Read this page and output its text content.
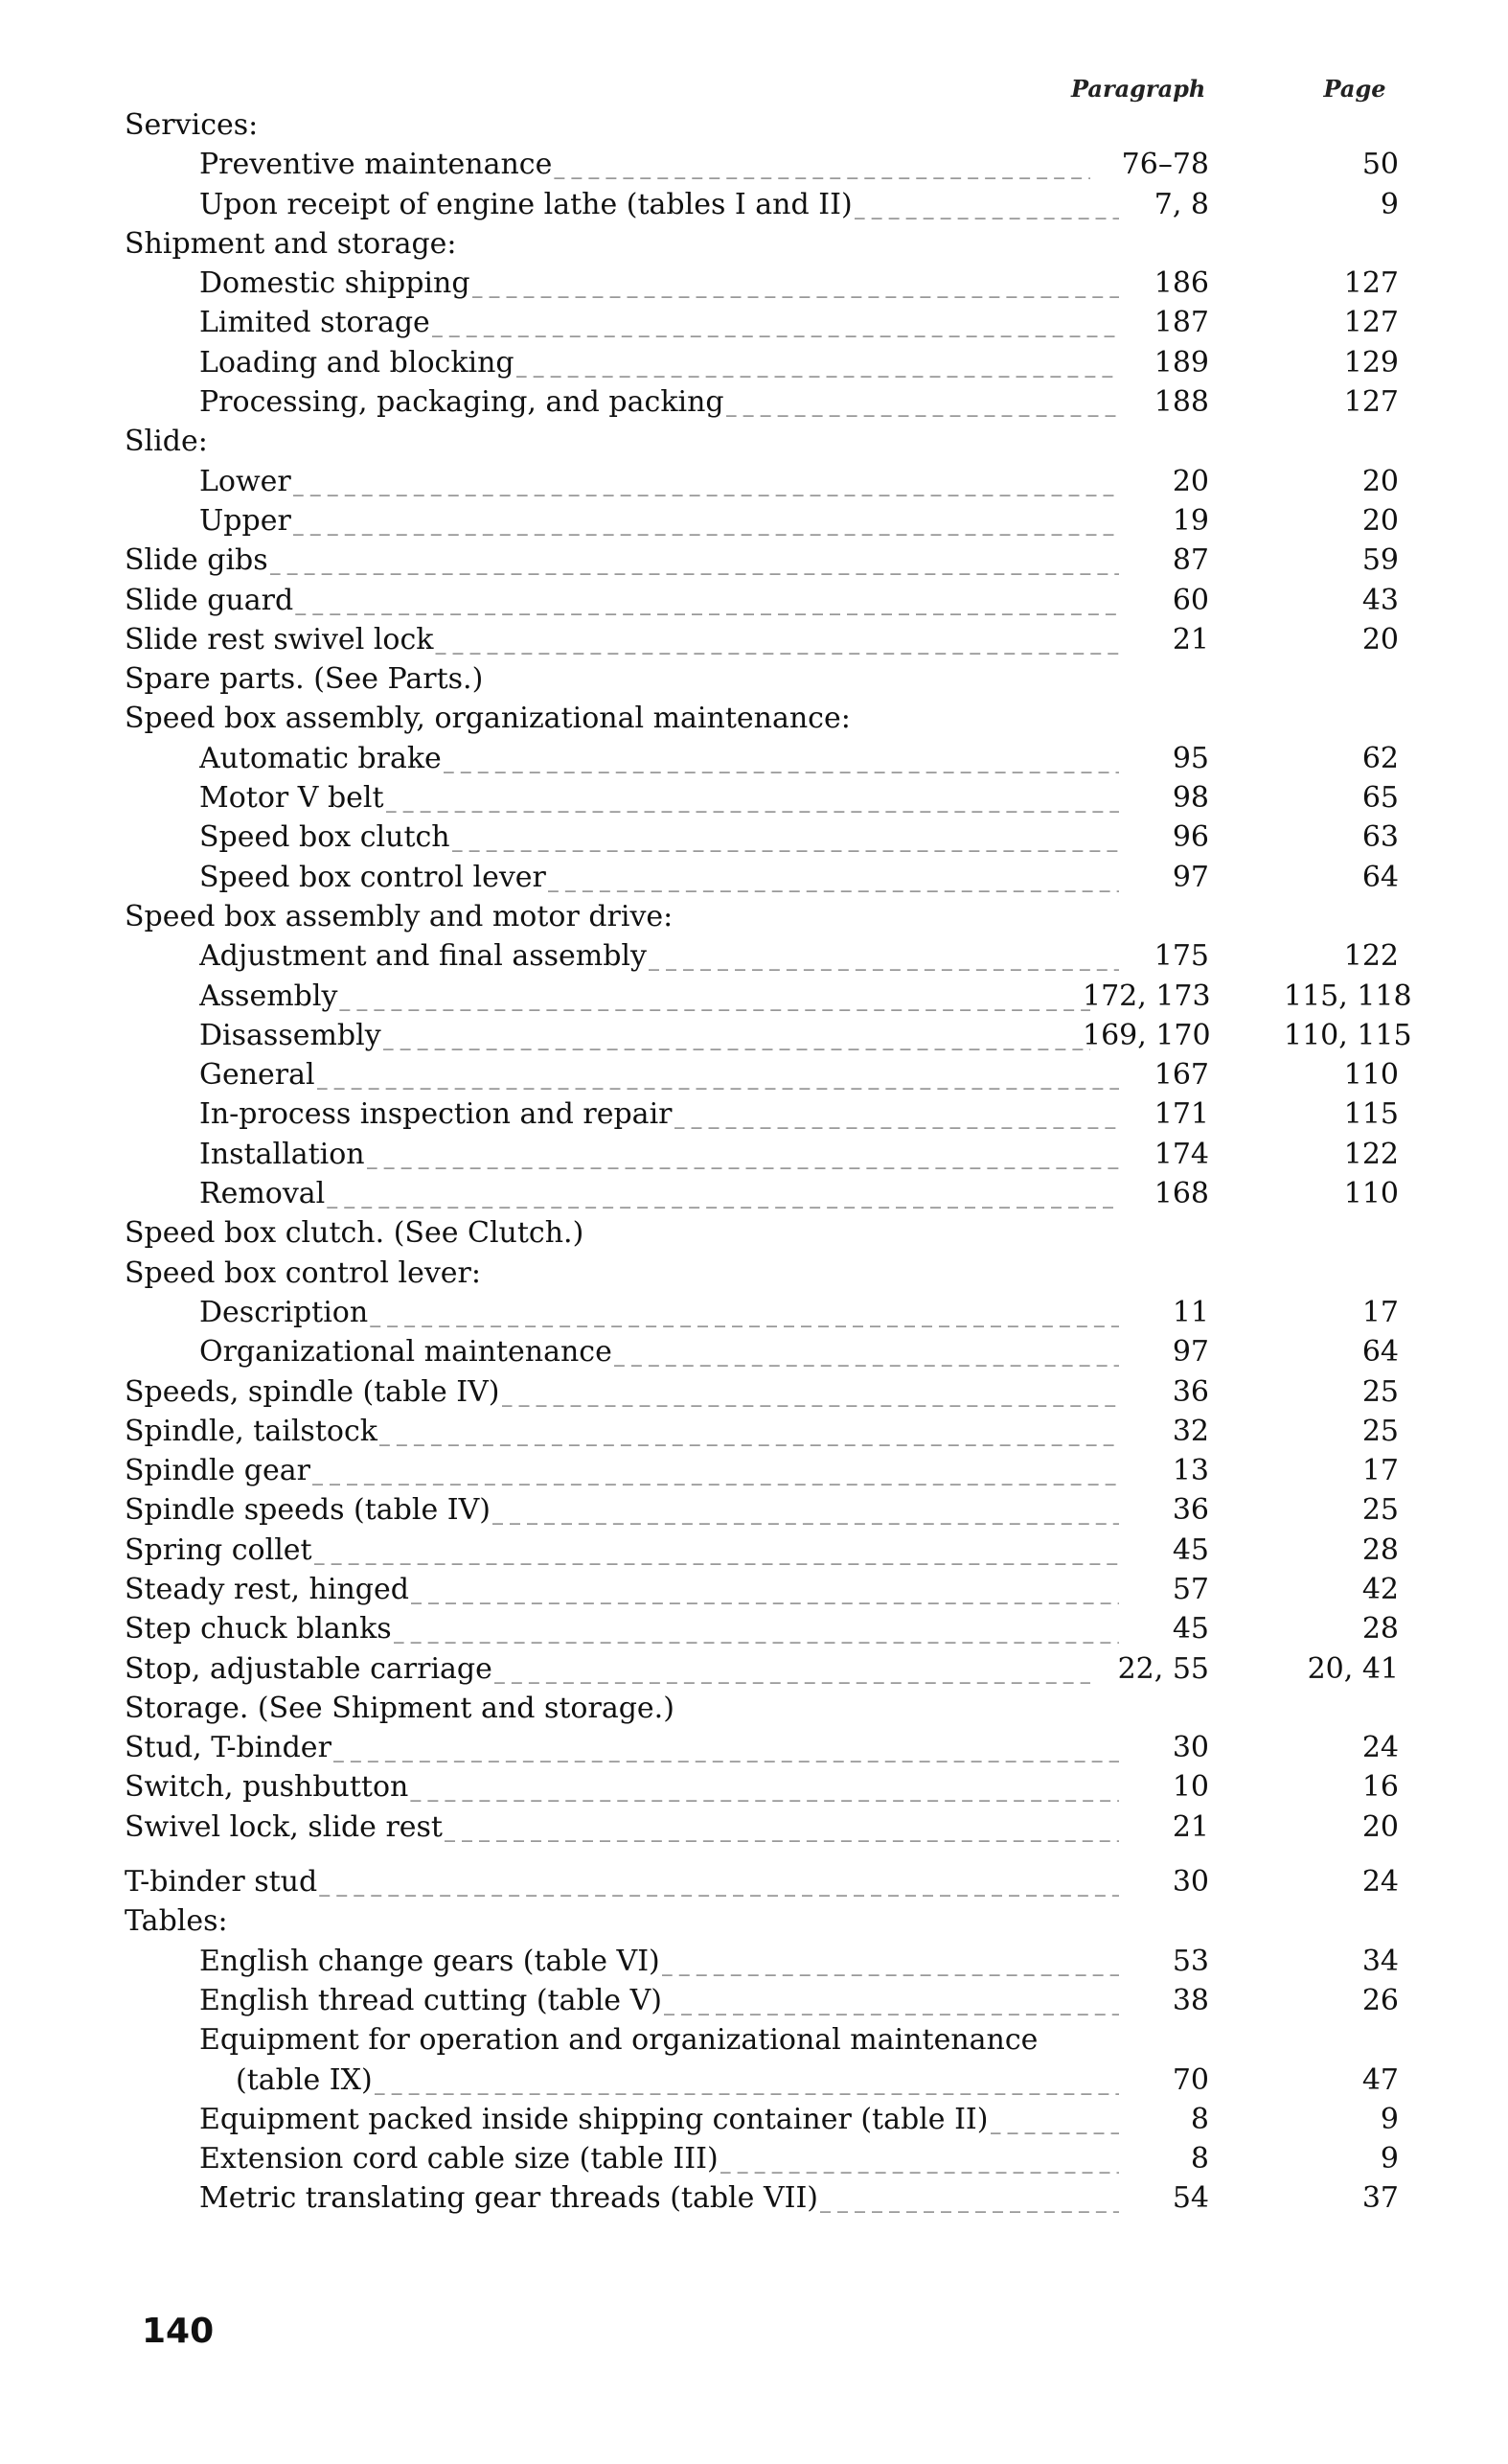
Paragraph	Page
Services:
Preventive maintenance _ _ _	76–78	50
Upon receipt of engine lathe (tables I and II) _ _ _	7, 8	9
Shipment and storage:
Domestic shipping _ _ _	186	127
Limited storage _ _ _	187	127
Loading and blocking _ _ _	189	129
Processing, packaging, and packing _ _ _	188	127
Slide:
Lower _ _ _	20	20
Upper _ _ _	19	20
Slide gibs _ _ _	87	59
Slide guard _ _ _	60	43
Slide rest swivel lock _ _ _	21	20
Spare parts. (See Parts.)
Speed box assembly, organizational maintenance:
Automatic brake _ _ _	95	62
Motor V belt _ _ _	98	65
Speed box clutch _ _ _	96	63
Speed box control lever _ _ _	97	64
Speed box assembly and motor drive:
Adjustment and final assembly _ _ _	175	122
Assembly _ _ _	172, 173	115, 118
Disassembly _ _ _	169, 170	110, 115
General _ _ _	167	110
In-process inspection and repair _ _ _	171	115
Installation _ _ _	174	122
Removal _ _ _	168	110
Speed box clutch. (See Clutch.)
Speed box control lever:
Description _ _ _	11	17
Organizational maintenance _ _ _	97	64
Speeds, spindle (table IV) _ _ _	36	25
Spindle, tailstock _ _ _	32	25
Spindle gear _ _ _	13	17
Spindle speeds (table IV) _ _ _	36	25
Spring collet _ _ _	45	28
Steady rest, hinged _ _ _	57	42
Step chuck blanks _ _ _	45	28
Stop, adjustable carriage _ _ _	22, 55	20, 41
Storage. (See Shipment and storage.)
Stud, T-binder _ _ _	30	24
Switch, pushbutton _ _ _	10	16
Swivel lock, slide rest _ _ _	21	20
T-binder stud _ _ _	30	24
Tables:
English change gears (table VI) _ _ _	53	34
English thread cutting (table V) _ _ _	38	26
Equipment for operation and organizational maintenance
(table IX) _ _ _	70	47
Equipment packed inside shipping container (table II) _ _ _	8	9
Extension cord cable size (table III) _ _ _	8	9
Metric translating gear threads (table VII) _ _ _	54	37
140
